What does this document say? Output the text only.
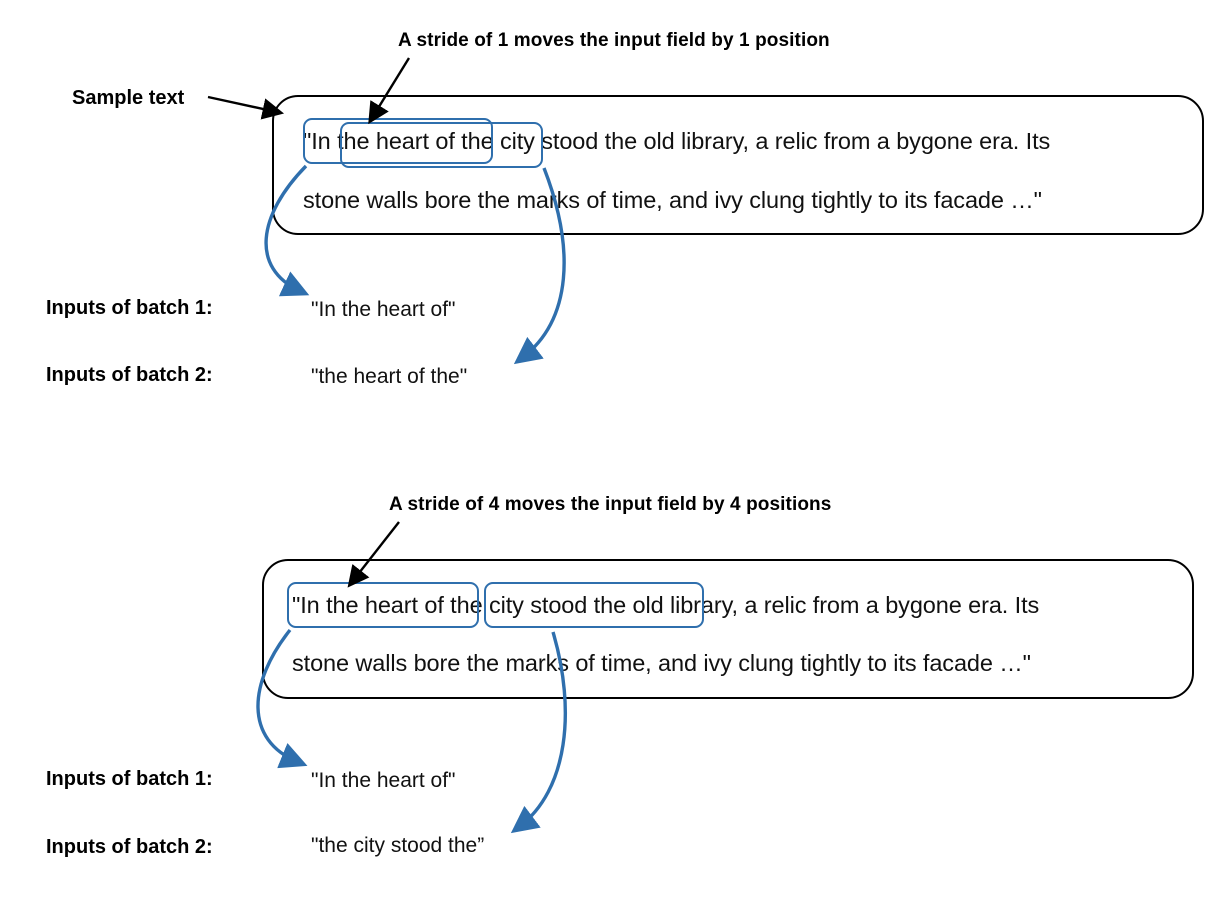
A stride of 1 moves the input field by 1 position
Sample text
"In the heart of the city stood the old library, a relic from a bygone era. Its
stone walls bore the marks of time, and ivy clung tightly to its facade …"
Inputs of batch 1:	"In the heart of"
Inputs of batch 2:	"the heart of the"
A stride of 4 moves the input field by 4 positions
"In the heart of the city stood the old library, a relic from a bygone era. Its
stone walls bore the marks of time, and ivy clung tightly to its facade …"
Inputs of batch 1:	"In the heart of"
Inputs of batch 2:	"the city stood the”
